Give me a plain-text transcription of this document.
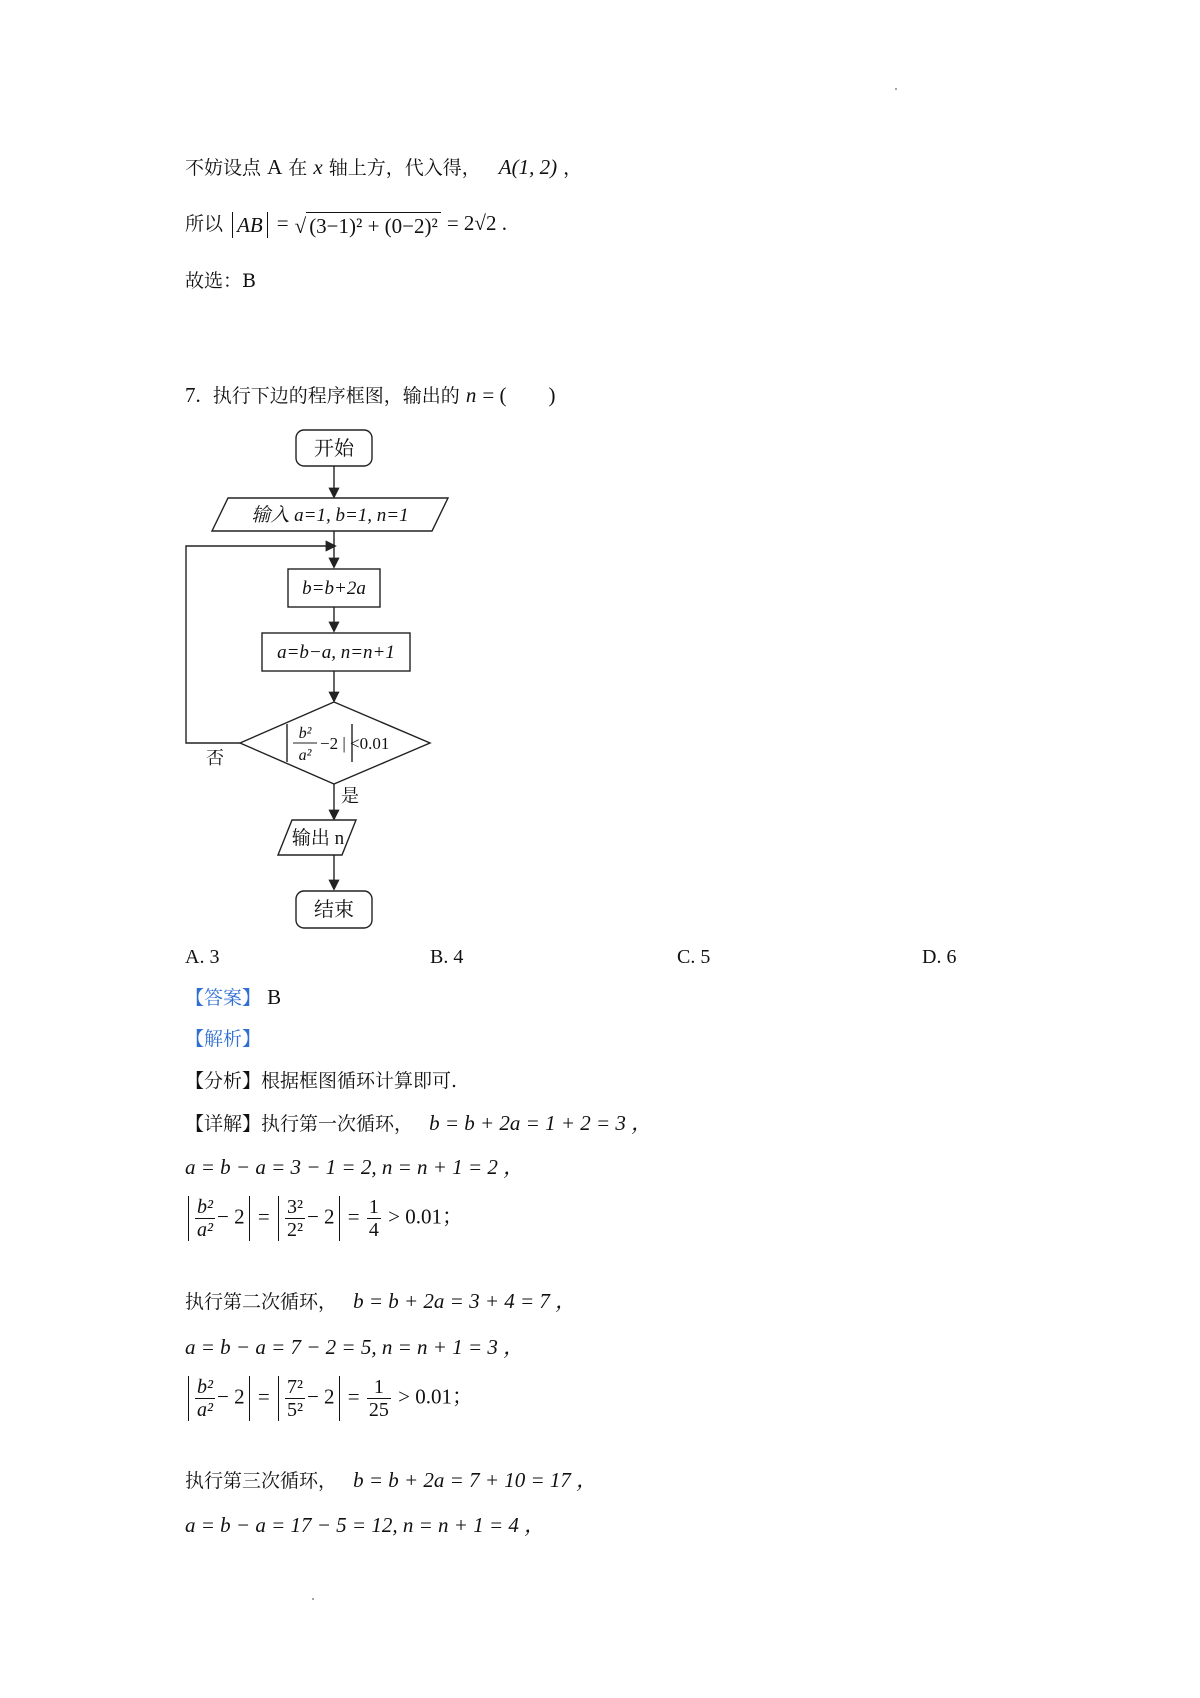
不妨设点 A 在 x 轴上方，代入得， A(1, 2) ，
所以 AB = √ (3−1)² + (0−2)² = 2√2 .
故选：B
7. 执行下边的程序框图，输出的 n = (　　)
开始
输入 a=1, b=1, n=1
b=b+2a
a=b−a, n=n+1
b²
a²
−2 | <0.01
否
是
输出 n
结束
A. 3	B. 4	C. 5	D. 6
【答案】 B
【解析】
【分析】根据框图循环计算即可.
【详解】执行第一次循环， b = b + 2a = 1 + 2 = 3 ，
a = b − a = 3 − 1 = 2, n = n + 1 = 2 ，
$\frac{\text{b²}}{\text{a²}} - 2 = \frac{\text{3²}}{\text{2²}} - 2 = \frac{1}{4} > 0.01$；
执行第二次循环， b = b + 2a = 3 + 4 = 7 ，
a = b − a = 7 − 2 = 5, n = n + 1 = 3 ，
$\frac{\text{b²}}{\text{a²}} - 2 = \frac{\text{7²}}{\text{5²}} - 2 = \frac{1}{25} > 0.01$；
执行第三次循环， b = b + 2a = 7 + 10 = 17 ，
a = b − a = 17 − 5 = 12, n = n + 1 = 4 ，
